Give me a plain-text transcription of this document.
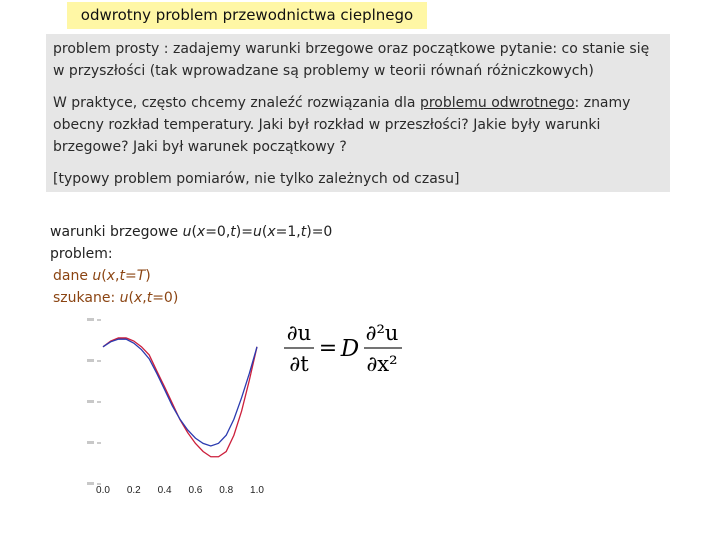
odwrotny problem przewodnictwa cieplnego

problem prosty : zadajemy warunki brzegowe oraz początkowe pytanie: co stanie się w przyszłości (tak wprowadzane są problemy w teorii równań różniczkowych)

W praktyce, często chcemy znaleźć rozwiązania dla problemu odwrotnego: znamy obecny rozkład temperatury. Jaki był rozkład w przeszłości? Jakie były warunki brzegowe? Jaki był warunek początkowy ?

[typowy problem pomiarów, nie tylko zależnych od czasu]

warunki brzegowe u(x=0,t)=u(x=1,t)=0
problem:
dane u(x,t=T)
szukane: u(x,t=0)
∂u
∂t
= D
∂²u
∂x²
0.0 0.2 0.4 0.6 0.8 1.0
